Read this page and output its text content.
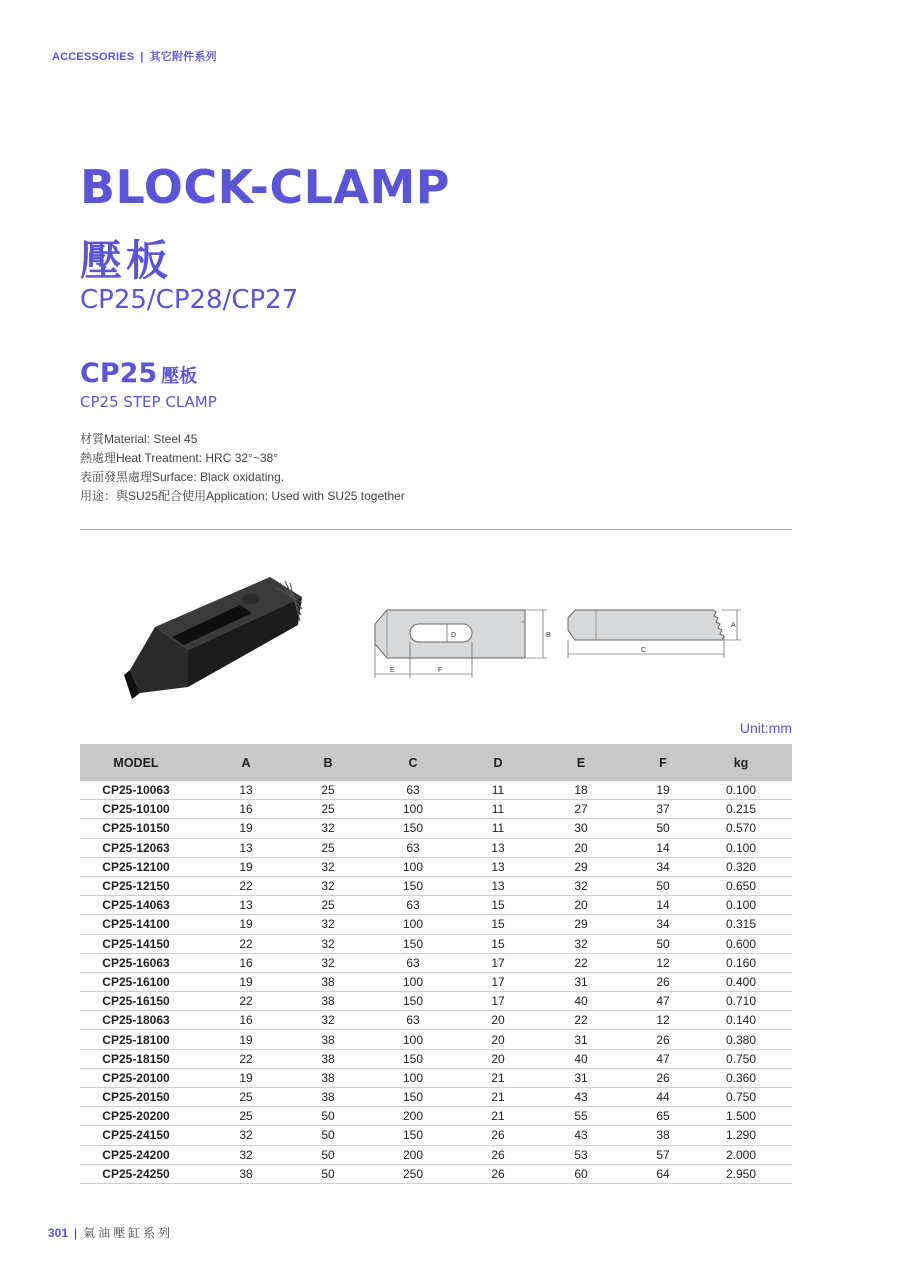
ACCESSORIES | 其它附件系列
BLOCK-CLAMP
壓板
CP25/CP28/CP27
CP25 壓板
CP25 STEP CLAMP
材質Material: Steel 45
熱處理Heat Treatment: HRC 32°~38°
表面發黑處理Surface: Black oxidating.
用途：與SU25配合使用Application: Used with SU25 together
D	B
E	F
C
A
Unit:mm
MODEL	A	B	C	D	E	F	kg
CP25-10063	13	25	63	11	18	19	0.100
CP25-10100	16	25	100	11	27	37	0.215
CP25-10150	19	32	150	11	30	50	0.570
CP25-12063	13	25	63	13	20	14	0.100
CP25-12100	19	32	100	13	29	34	0.320
CP25-12150	22	32	150	13	32	50	0.650
CP25-14063	13	25	63	15	20	14	0.100
CP25-14100	19	32	100	15	29	34	0.315
CP25-14150	22	32	150	15	32	50	0.600
CP25-16063	16	32	63	17	22	12	0.160
CP25-16100	19	38	100	17	31	26	0.400
CP25-16150	22	38	150	17	40	47	0.710
CP25-18063	16	32	63	20	22	12	0.140
CP25-18100	19	38	100	20	31	26	0.380
CP25-18150	22	38	150	20	40	47	0.750
CP25-20100	19	38	100	21	31	26	0.360
CP25-20150	25	38	150	21	43	44	0.750
CP25-20200	25	50	200	21	55	65	1.500
CP25-24150	32	50	150	26	43	38	1.290
CP25-24200	32	50	200	26	53	57	2.000
CP25-24250	38	50	250	26	60	64	2.950
301 | 氣油壓缸系列
